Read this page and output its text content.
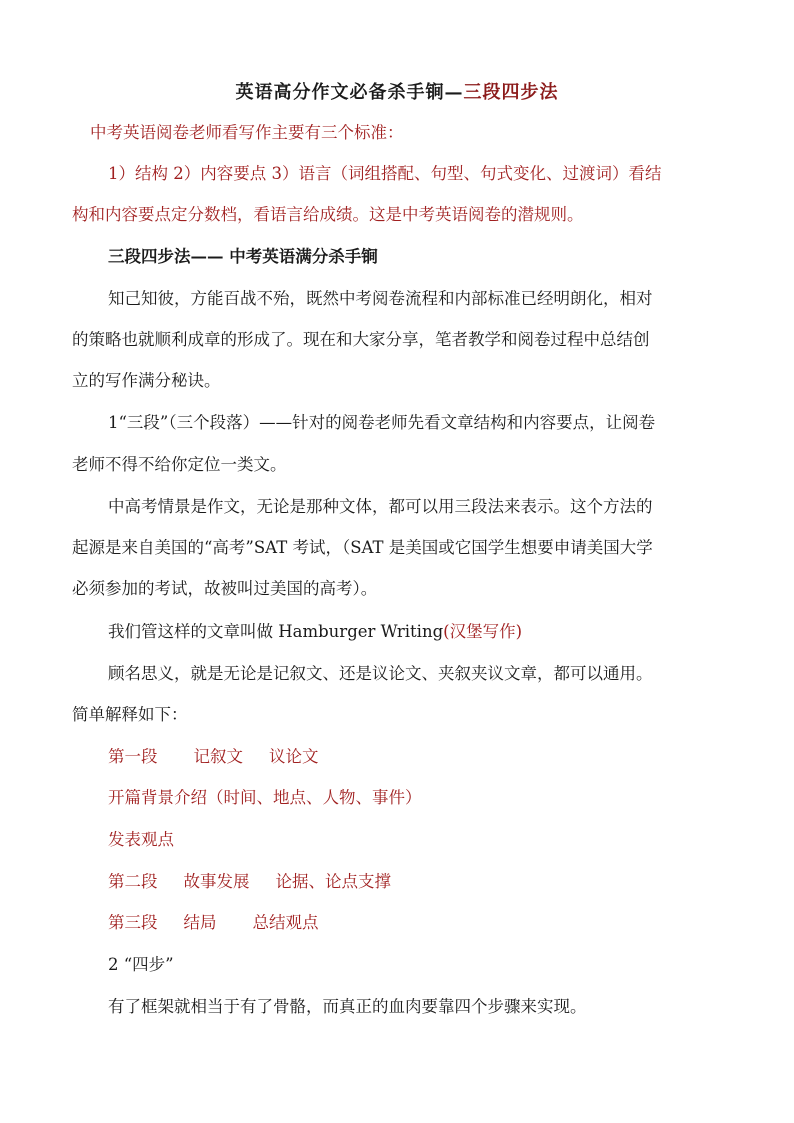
英语高分作文必备杀手锏—三段四步法
中考英语阅卷老师看写作主要有三个标准：
1）结构 2）内容要点 3）语言（词组搭配、句型、句式变化、过渡词）看结
构和内容要点定分数档，看语言给成绩。这是中考英语阅卷的潜规则。
三段四步法—— 中考英语满分杀手锏
知己知彼，方能百战不殆，既然中考阅卷流程和内部标准已经明朗化，相对
的策略也就顺利成章的形成了。现在和大家分享，笔者教学和阅卷过程中总结创
立的写作满分秘诀。
1“三段”（三个段落）——针对的阅卷老师先看文章结构和内容要点，让阅卷
老师不得不给你定位一类文。
中高考情景是作文，无论是那种文体，都可以用三段法来表示。这个方法的
起源是来自美国的“高考”SAT 考试，（SAT 是美国或它国学生想要申请美国大学
必须参加的考试，故被叫过美国的高考）。
我们管这样的文章叫做 Hamburger Writing(汉堡写作)
顾名思义，就是无论是记叙文、还是议论文、夹叙夹议文章，都可以通用。
简单解释如下：
第一段 记叙文 议论文
开篇背景介绍（时间、地点、人物、事件）
发表观点
第二段 故事发展 论据、论点支撑
第三段 结局 总结观点
2 “四步”
有了框架就相当于有了骨骼，而真正的血肉要靠四个步骤来实现。
